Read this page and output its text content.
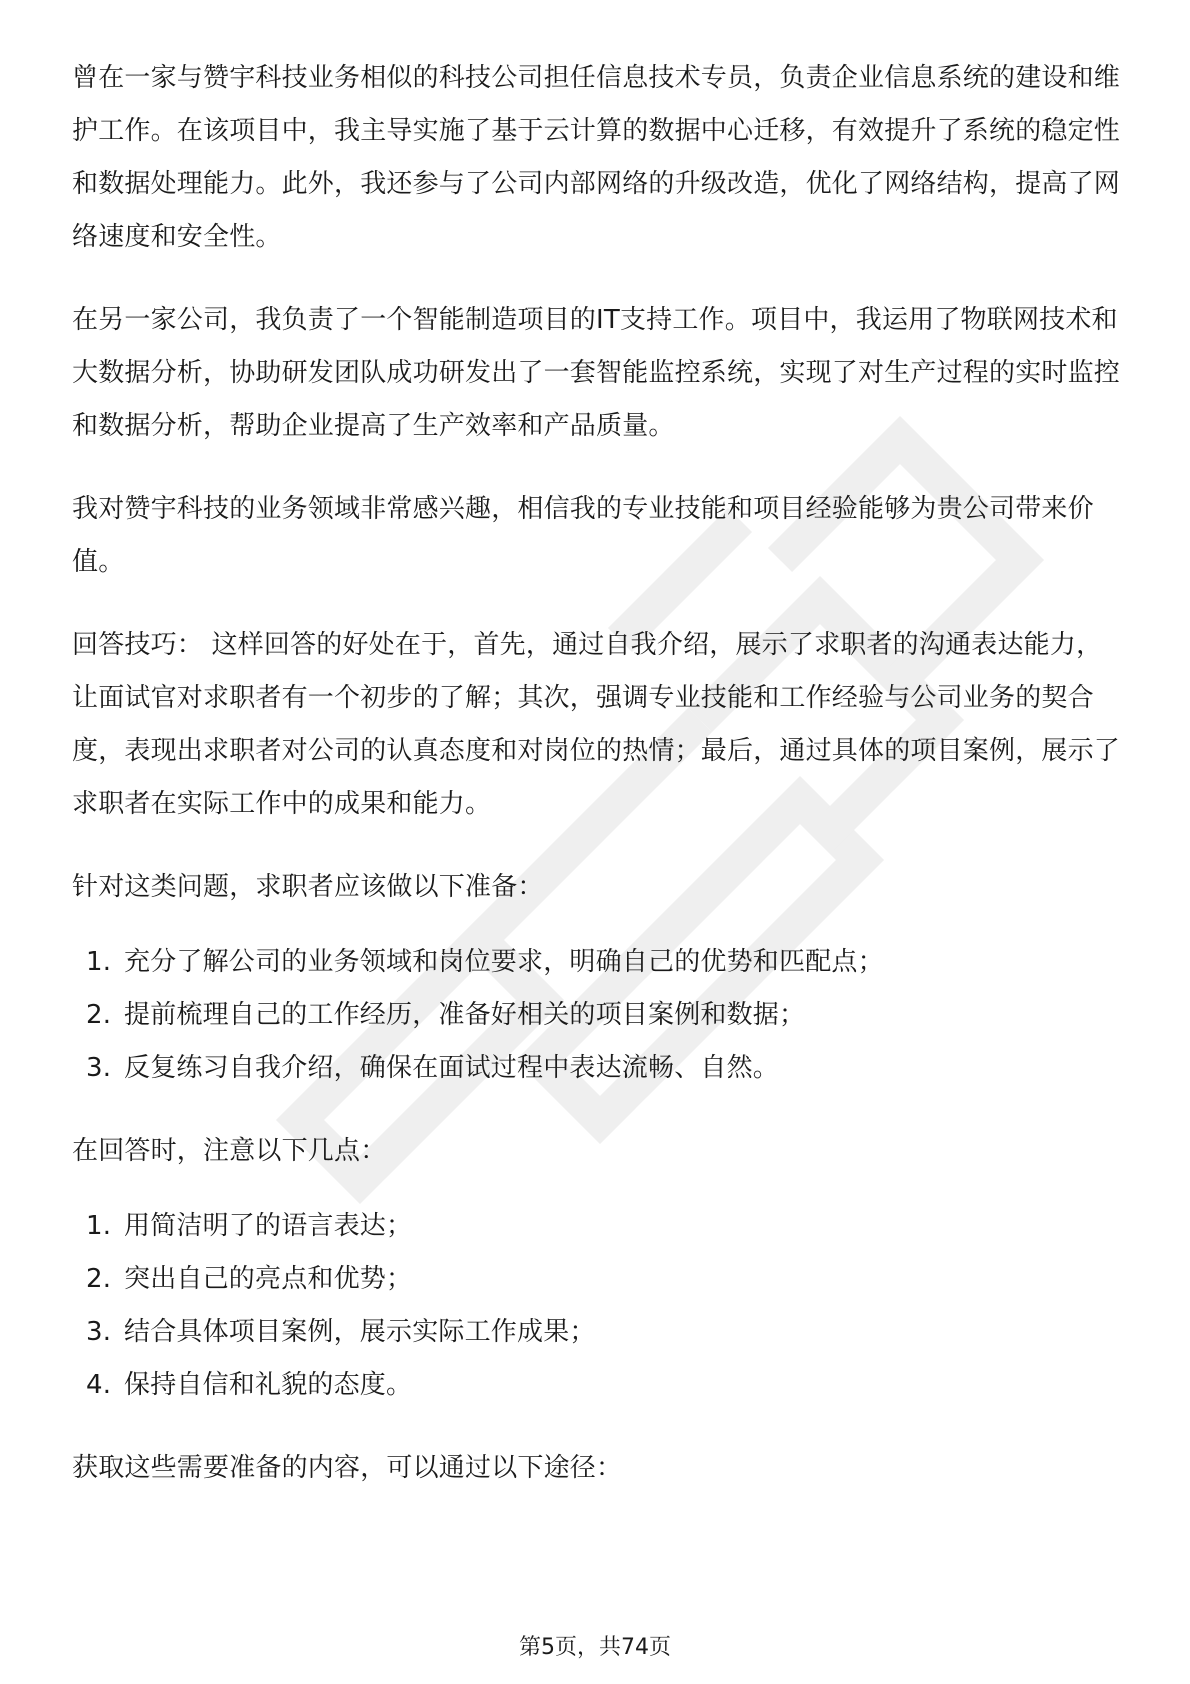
曾在一家与赞宇科技业务相似的科技公司担任信息技术专员，负责企业信息系统的建设和维护工作。在该项目中，我主导实施了基于云计算的数据中心迁移，有效提升了系统的稳定性和数据处理能力。此外，我还参与了公司内部网络的升级改造，优化了网络结构，提高了网络速度和安全性。

在另一家公司，我负责了一个智能制造项目的IT支持工作。项目中，我运用了物联网技术和大数据分析，协助研发团队成功研发出了一套智能监控系统，实现了对生产过程的实时监控和数据分析，帮助企业提高了生产效率和产品质量。

我对赞宇科技的业务领域非常感兴趣，相信我的专业技能和项目经验能够为贵公司带来价值。

回答技巧： 这样回答的好处在于，首先，通过自我介绍，展示了求职者的沟通表达能力，让面试官对求职者有一个初步的了解；其次，强调专业技能和工作经验与公司业务的契合度，表现出求职者对公司的认真态度和对岗位的热情；最后，通过具体的项目案例，展示了求职者在实际工作中的成果和能力。

针对这类问题，求职者应该做以下准备：

1. 充分了解公司的业务领域和岗位要求，明确自己的优势和匹配点；
2. 提前梳理自己的工作经历，准备好相关的项目案例和数据；
3. 反复练习自我介绍，确保在面试过程中表达流畅、自然。

在回答时，注意以下几点：

1. 用简洁明了的语言表达；
2. 突出自己的亮点和优势；
3. 结合具体项目案例，展示实际工作成果；
4. 保持自信和礼貌的态度。

获取这些需要准备的内容，可以通过以下途径：

第5页，共74页
